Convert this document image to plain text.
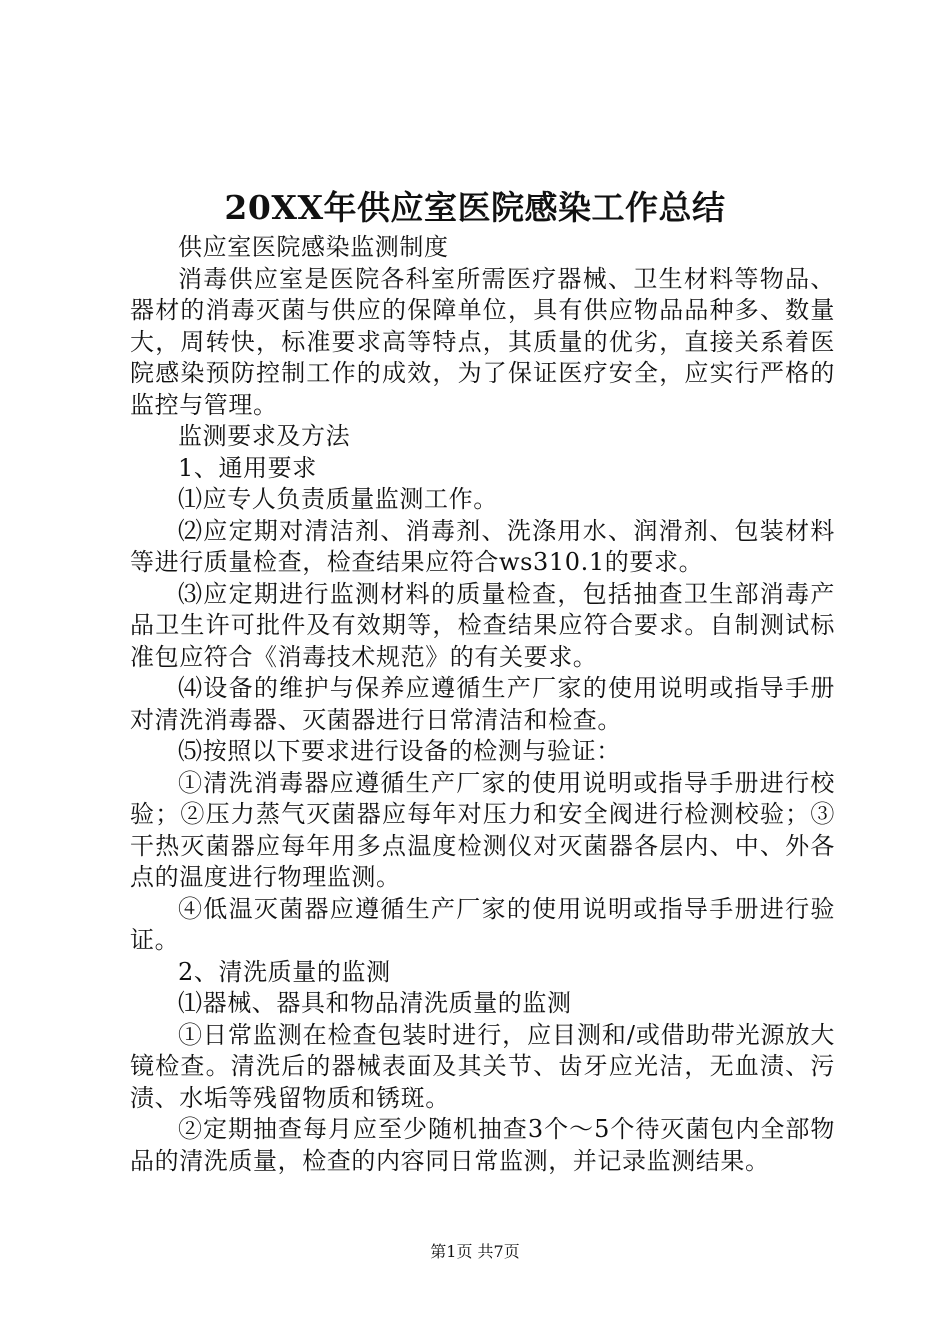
20XX年供应室医院感染工作总结

供应室医院感染监测制度

消毒供应室是医院各科室所需医疗器械、卫生材料等物品、器材的消毒灭菌与供应的保障单位，具有供应物品品种多、数量大，周转快，标准要求高等特点，其质量的优劣，直接关系着医院感染预防控制工作的成效，为了保证医疗安全，应实行严格的监控与管理。

监测要求及方法

1、通用要求

⑴应专人负责质量监测工作。

⑵应定期对清洁剂、消毒剂、洗涤用水、润滑剂、包装材料等进行质量检查，检查结果应符合ws310.1的要求。

⑶应定期进行监测材料的质量检查，包括抽查卫生部消毒产品卫生许可批件及有效期等，检查结果应符合要求。自制测试标准包应符合《消毒技术规范》的有关要求。

⑷设备的维护与保养应遵循生产厂家的使用说明或指导手册对清洗消毒器、灭菌器进行日常清洁和检查。

⑸按照以下要求进行设备的检测与验证：

①清洗消毒器应遵循生产厂家的使用说明或指导手册进行校验；②压力蒸气灭菌器应每年对压力和安全阀进行检测校验；③干热灭菌器应每年用多点温度检测仪对灭菌器各层内、中、外各点的温度进行物理监测。

④低温灭菌器应遵循生产厂家的使用说明或指导手册进行验证。

2、清洗质量的监测

⑴器械、器具和物品清洗质量的监测

①日常监测在检查包装时进行，应目测和/或借助带光源放大镜检查。清洗后的器械表面及其关节、齿牙应光洁，无血渍、污渍、水垢等残留物质和锈斑。

②定期抽查每月应至少随机抽查3个～5个待灭菌包内全部物品的清洗质量，检查的内容同日常监测，并记录监测结果。

第1页 共7页
